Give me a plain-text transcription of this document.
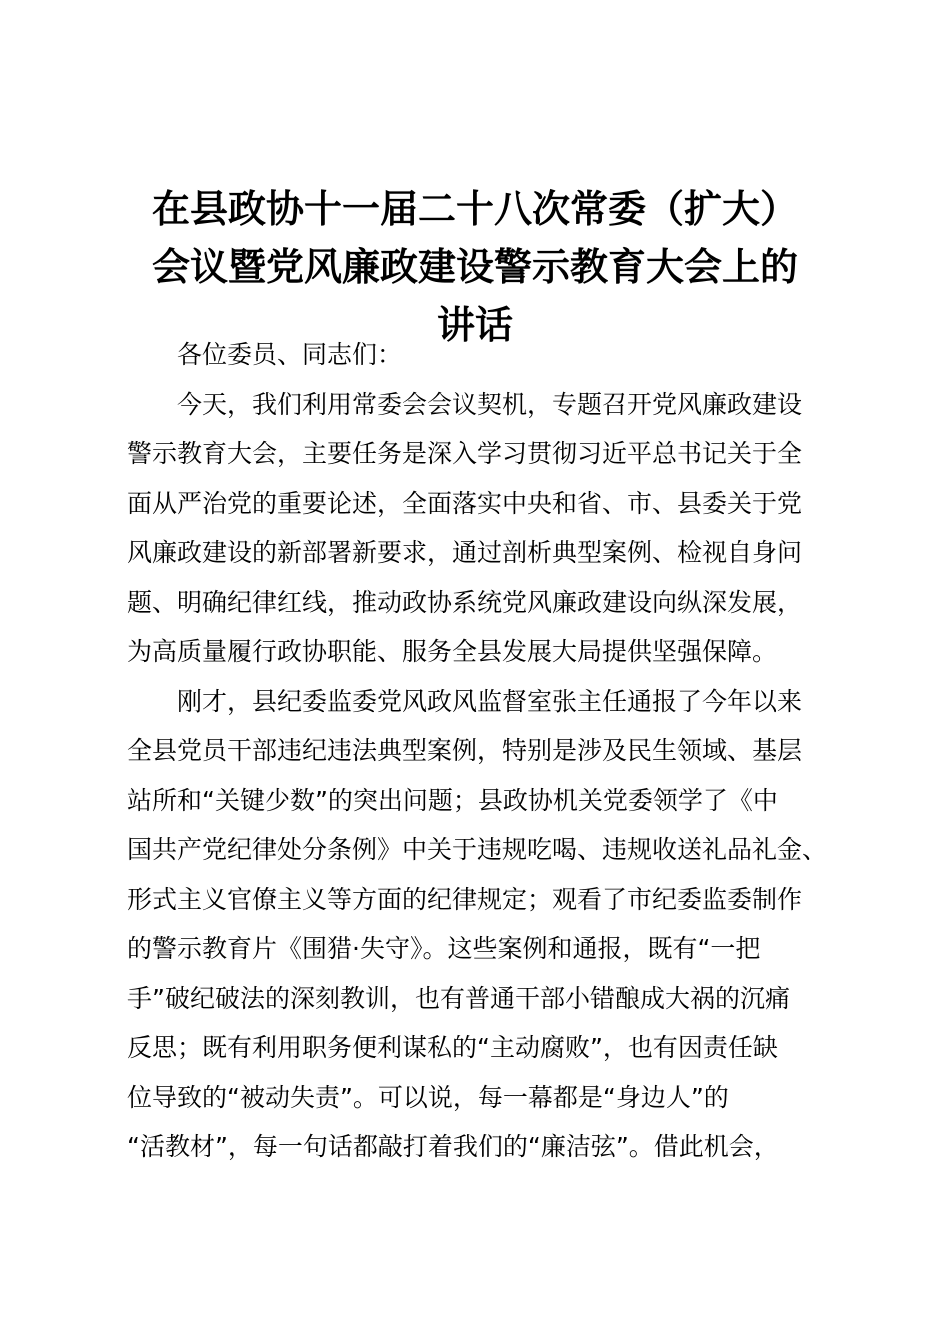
在县政协十一届二十八次常委（扩大）
会议暨党风廉政建设警示教育大会上的
讲话

各位委员、同志们：

今天，我们利用常委会会议契机，专题召开党风廉政建设
警示教育大会，主要任务是深入学习贯彻习近平总书记关于全
面从严治党的重要论述，全面落实中央和省、市、县委关于党
风廉政建设的新部署新要求，通过剖析典型案例、检视自身问
题、明确纪律红线，推动政协系统党风廉政建设向纵深发展，
为高质量履行政协职能、服务全县发展大局提供坚强保障。

刚才，县纪委监委党风政风监督室张主任通报了今年以来
全县党员干部违纪违法典型案例，特别是涉及民生领域、基层
站所和“关键少数”的突出问题；县政协机关党委领学了《中
国共产党纪律处分条例》中关于违规吃喝、违规收送礼品礼金、
形式主义官僚主义等方面的纪律规定；观看了市纪委监委制作
的警示教育片《围猎·失守》。这些案例和通报，既有“一把
手”破纪破法的深刻教训，也有普通干部小错酿成大祸的沉痛
反思；既有利用职务便利谋私的“主动腐败”，也有因责任缺
位导致的“被动失责”。可以说，每一幕都是“身边人”的
“活教材”，每一句话都敲打着我们的“廉洁弦”。借此机会，
